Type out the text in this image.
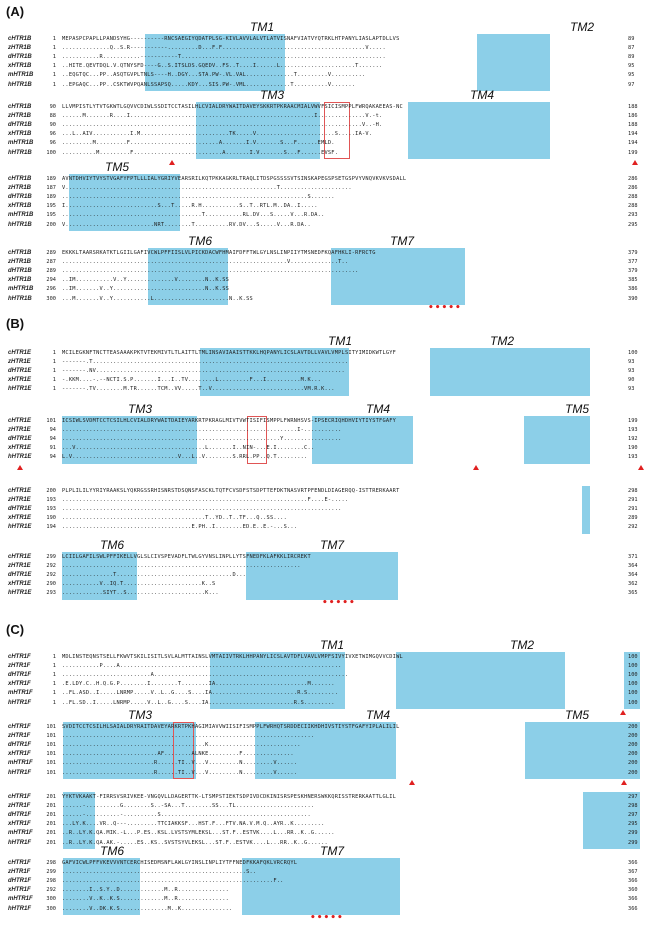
(A)
TM1	TM2
cHTR1B	1 MEPASPCPAPLLPANDSYHG----------RNCSAEGIYQDATPLSG-KIVLAVVLALVTLATVISNAFVIATVYQTRKLHTPANYLIASLAPTDLLVS	89
zHTR1B	1 ..............Q..S.R-----------.........D...F.F..........................................V.....	87
dHTR1B	1 ...........R...........-----------T............................................................	89
xHTR1B	1 ..HITE.QEVTDQL.V.QTNYSFD----G..S.ITSLDS.GQEDV..FS..T....I......L......................T.......	95
mHTR1B	1 ..EQGTQC...PP..ASQTGVPLTNLS----H..DGY...STA.PW-.VL.VAL..............T.........V..........	95
hHTR1B	1 ..EPGAQC...PP..CSKTWVPQANLSSAPSQ.....KDY...SIS.PW-.VML.............T..........V.......	97
TM3	TM4
cHTR1B	90 LLVMPISTLYTVTGKWTLGQVVCDIWLSSDITCCTASILHLCVIALDRYWAITDAVEYSKKRTPKRAACMIALVWVFSICISMPPLFWRQAKAEEAS-NC	188
zHTR1B	88 ......M.......R....I......................................................I..............V.-t.	186
dHTR1B	90 ........................................................................................V..-H.	188
xHTR1B	96 ...L..AIV...........I.M..........................TK.....V.......................S.....IA-V.	194
mHTR1B	96 .........M.........F..........................A.......I.V.......S...F......EMLD.	194
hHTR1B	100 ..........M.........F..........................A.......I.V.......S...F......EVSF.	199
TM5
cHTR1B	189 AVNTDHVIYTVYSTVGAFYFPTLLLIALYGRIYVEARSRILKQTPKKAGKRLTRAQLITDSPGSSSSVTSINSKAPEGSPSETGSPVYVNQVKVKVSDALL	286
zHTR1B	187 V..............................................................T.....................	286
dHTR1B	189 ........................................................................S.......	288
xHTR1B	195 I...........................S...T.....R.H...........S..T..RTL.M..DA..I.....	288
mHTR1B	195 .........................................T...........RL.DV...S.....V...R.DA..	293
hHTR1B	200 V..........................NRT........T..........RV.DV...S.....V...R.DA..	295
TM6	TM7
cHTR1B	289 EKKKLTAARSRKATKTLGIILGAFIVCWLPFFIISLVLPICKDACWFHMAIFDFFTWLGYLNSLINPIIYTMSNEDFKQAFHKLI-RFRCTG	379
zHTR1B	287 ..................................................................V..............T..	377
dHTR1B	289 .......................................................................................	379
xHTR1B	294 ..IM...........V..Y..............V........N..K.SS	385
mHTR1B	296 ..IM.......V..Y...........................N..K.SS	386
hHTR1B	300 ...M.......V..Y...........L......................N..K.SS	390
•••••
(B)
TM1	TM2
cHTR1E	1 MCILEGKNFTNCTTEASAAAKPKTVTEKMIVTLTLAITTLTMLINSAVIAAISTTKKLHQPANYLICSLAVTDLLVAVLVMPLSITYIMIDKWTLGYF	100
zHTR1E	1 -------.T...........................................................................	93
dHTR1E	1 -------.NV.........................................................................	93
xHTR1E	1 -.KKM....-.--NCTI.S.P.......I...I..TV........L.........F...I..........M.K...	90
hHTR1E	1 -------.TV........M.TR......TCM..VV.....T..V...........................VM.R.K...	93
TM3	TM4	TM5
cHTR1E	101 ICSIWLSVDMTCCTCSILHLCVIALDRYWAITDAIEYARKRTPKRAGLMIVTVWTISIFISMPPLFWRNHSVS-IPSECRIQHDHVIYTIYSTFGAFY	199
zHTR1E	94 .....................................................................I-...........	193
dHTR1E	94 ................................................................Y.................	192
xHTR1E	91 ...V......................................L.......I..NIN-...E.I........C..	190
hHTR1E	94 L.V...............................V...L..V........S.RRL.PP..Q.T.........	193
cHTR1E	200 PLPLILILYYRIYRAAKSLYQKRGSSRHISNRSTDSQNSFASCKLTQTFCVSDFSTSDPTTEFDKTNASVRTPFENDLDIAGERQQ-ISTTRERKAART	298
zHTR1E	193 ........................................................................F....E-.....	291
dHTR1E	193 ..................................................................................	291
xHTR1E	190 ..........................................T..YD..T..TF...Q..SS....	289
hHTR1E	194 ......................................E.PH..I........ED.E..E.-...S...	292
TM6	TM7
cHTR1E	299 LCIILGAFILSWLPFFIKELLVGLSLCIVSPEVADFLTWLGYVNSLINPLLYTSFNEDFKLAFKKLIRCREKT	371
zHTR1E	292 ......................................................................	364
dHTR1E	292 ...............T..................................D...	364
xHTR1E	290 ...........V..IQ.T.......................K..S	362
hHTR1E	293 ............SIYT..S.......................K...	365
•••••
(C)
TM1	TM2
cHTR1F	1 MDLINSTEQNSTSELLFKWVTSKILISITLSVLALMTTAINSLVMTAIIVTRKLHHPANYLICSLAVTDFLVAVLVMPFSIVYIVXETWIMGQVVCDIWL	100
zHTR1F	1 ...........P....A.................................................................	100
dHTR1F	1 ..........................A.........................................................	100
xHTR1F	1 .E.LDY.C..H.Q.G.P........I........T........IA...........................M.......	100
mHTR1F	1 ..FL.ASD..I.....LNRMP.....V..L..G....S....IA.........................R.S.........	100
hHTR1F	1 ..FL.SD..I.....LNRMP.....V..L..G....S....IA.........................R.S.........	100
TM3	TM4	TM5
cHTR1F	101 SVDITCCTCSILHLSAIALDRYRAITDAVEYARKRTPKHAGIMIAVVWIISIFISMPPLFWRHQTSRDDECIIKHDHIVSTIYSTFGAFYIPLALILIL	200
zHTR1F	101 ..........................................................................	200
dHTR1F	101 ..........................................K...........................	200
xHTR1F	101 ............................AF........ALNKE.........F...............	200
mHTR1F	101 ...........................R......TI..V...V.........N.........V......	200
hHTR1F	101 ...........................R......TI..V...V.........N.........V......	200
cHTR1F	201 YYKTVKAAKT-FIRRSVSRIVKEE-VNGQVLLDAGERTTK-LTSMPSTIEKTSDPIVDCDKINISRSPESKHNERSWKKQRISSTRERKAATTLGLIL	297
zHTR1F	201 ......-..........G........S..-SA...T........SS...TL.......................	298
dHTR1F	201 ......-..........-..........S............................................	297
xHTR1F	201 ...LY.K....VR..Q---.........TTCIAKKSF...HST.F...FTV.NA.V.M.Q..AYR..K.........	295
mHTR1F	201 ..R..LY.K.QA.MIK.-L...P.ES..KSL.LVSTSYMLEKSL...ST.F..ESTVK....L...RR..K..G......	299
hHTR1F	201 ..R..LY.K.QA.AK.-.....ES..KS..SVSTSYVLEKSL...ST.F..ESTVK....L...RR..K..G......	299
TM6	TM7
cHTR1F	298 GAFVICWLPFFVKEVVVNTCERCHISEDMSNFLAWLGYINSLINPLIYTFFNEDFKKAFQKLVRCRQYL	366
zHTR1F	299 ......................................................S..	367
dHTR1F	298 ..............................................................F..	366
xHTR1F	292 ........I..S.Y..D.............M..R...............	360
mHTR1F	300 ........V..K..K.S.............M..R...............	366
hHTR1F	300 ........V..DK.K.S..............M..K...............	366
•••••
